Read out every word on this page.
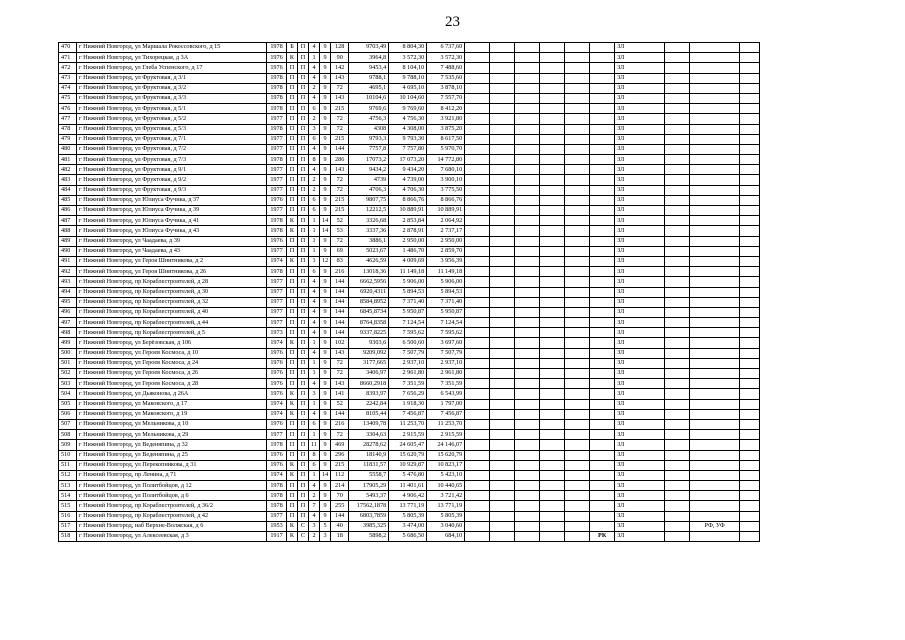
23
470	г Нижний Новгород, ул Маршала Рокоссовского, д 15	1978	Б	П	4	9	128	9703,49	8 804,30	6 737,60							ЗЛ			
471	г Нижний Новгород, ул Тихорецкая, д 3А	1976	К	П	1	9	90	3964,8	3 572,30	3 572,30							ЗЛ			
472	г Нижний Новгород, ул Глеба Успенского, д 17	1976	П	П	4	9	142	9453,4	8 104,10	7 488,60							ЗЛ			
473	г Нижний Новгород, ул Фруктовая, д 3/1	1978	П	П	4	9	143	9788,1	9 788,10	7 535,60							ЗЛ			
474	г Нижний Новгород, ул Фруктовая, д 3/2	1978	П	П	2	9	72	4695,1	4 695,10	3 878,10							ЗЛ			
475	г Нижний Новгород, ул Фруктовая, д 3/3	1978	П	П	4	9	143	10104,6	10 104,60	7 557,70							ЗЛ			
476	г Нижний Новгород, ул Фруктовая, д 5/1	1978	П	П	6	9	215	9769,6	9 769,60	8 412,20							ЗЛ			
477	г Нижний Новгород, ул Фруктовая, д 5/2	1977	П	П	2	9	72	4756,3	4 756,30	3 921,80							ЗЛ			
478	г Нижний Новгород, ул Фруктовая, д 5/3	1978	П	П	3	9	72	4308	4 308,00	3 875,20							ЗЛ			
479	г Нижний Новгород, ул Фруктовая, д 7/1	1977	П	П	6	9	215	9793,3	9 793,30	8 617,50							ЗЛ			
480	г Нижний Новгород, ул Фруктовая, д 7/2	1977	П	П	4	9	144	7757,8	7 757,80	5 970,70							ЗЛ			
481	г Нижний Новгород, ул Фруктовая, д 7/3	1978	П	П	8	9	286	17073,2	17 073,20	14 772,80							ЗЛ			
482	г Нижний Новгород, ул Фруктовая, д 9/1	1977	П	П	4	9	143	9434,2	9 434,20	7 680,10							ЗЛ			
483	г Нижний Новгород, ул Фруктовая, д 9/2	1977	П	П	2	9	72	4739	4 739,00	3 900,10							ЗЛ			
484	г Нижний Новгород, ул Фруктовая, д 9/3	1977	П	П	2	9	72	4706,3	4 706,30	3 775,50							ЗЛ			
485	г Нижний Новгород, ул Юлиуса Фучика, д 37	1976	П	П	6	9	215	9807,75	8 866,76	8 866,76							ЗЛ			
486	г Нижний Новгород, ул Юлиуса Фучика, д 39	1977	П	П	6	9	215	12212,5	10 889,91	10 889,91							ЗЛ			
487	г Нижний Новгород, ул Юлиуса Фучика, д 41	1978	К	П	1	14	52	3326,68	2 853,84	2 064,92							ЗЛ			
488	г Нижний Новгород, ул Юлиуса Фучика, д 43	1978	К	П	1	14	53	3337,36	2 878,91	2 737,17							ЗЛ			
489	г Нижний Новгород, ул Чаадаева, д 39	1976	П	П	1	9	72	3886,1	2 950,00	2 950,00							ЗЛ			
490	г Нижний Новгород, ул Чаадаева, д 43	1977	П	П	1	9	69	5023,67	1 486,70	2 859,70							ЗЛ			
491	г Нижний Новгород, ул Героя Шнитникова, д 2	1974	К	П	1	12	83	4626,59	4 009,69	3 956,39							ЗЛ			
492	г Нижний Новгород, ул Героя Шнитникова, д 26	1978	П	П	6	9	216	13018,36	11 149,18	11 149,18							ЗЛ			
493	г Нижний Новгород, пр Кораблестроителей, д 28	1977	П	П	4	9	144	6662,5956	5 906,00	5 906,00							ЗЛ			
494	г Нижний Новгород, пр Кораблестроителей, д 30	1977	П	П	4	9	144	6920,4311	5 894,53	5 894,53							ЗЛ			
495	г Нижний Новгород, пр Кораблестроителей, д 32	1977	П	П	4	9	144	8584,8952	7 371,40	7 371,40							ЗЛ			
496	г Нижний Новгород, пр Кораблестроителей, д 40	1977	П	П	4	9	144	6845,8734	5 950,87	5 950,87							ЗЛ			
497	г Нижний Новгород, пр Кораблестроителей, д 44	1977	П	П	4	9	144	8764,8358	7 124,54	7 124,54							ЗЛ			
498	г Нижний Новгород, пр Кораблестроителей, д 5	1973	П	П	4	9	144	9337,8225	7 595,62	7 595,62							ЗЛ			
499	г Нижний Новгород, ул Берёзовская, д 106	1974	К	П	1	9	102	9303,6	6 500,60	3 697,60							ЗЛ			
500	г Нижний Новгород, ул Героев Космоса, д 10	1976	П	П	4	9	143	9209,092	7 507,79	7 507,79							ЗЛ			
501	г Нижний Новгород, ул Героев Космоса, д 24	1976	П	П	1	9	72	3177,665	2 937,10	2 937,10							ЗЛ			
502	г Нижний Новгород, ул Героев Космоса, д 26	1976	П	П	1	9	72	3406,97	2 961,80	2 961,80							ЗЛ			
503	г Нижний Новгород, ул Героев Космоса, д 28	1976	П	П	4	9	143	8660,2918	7 351,59	7 351,59							ЗЛ			
504	г Нижний Новгород, ул Дьяконова, д 26А	1976	К	П	3	9	141	8393,97	7 656,29	6 543,99							ЗЛ			
505	г Нижний Новгород, ул Маковского, д 17	1974	К	П	1	9	52	2242,84	1 918,30	1 797,00							ЗЛ			
506	г Нижний Новгород, ул Маковского, д 19	1974	К	П	4	9	144	8105,44	7 456,87	7 456,87							ЗЛ			
507	г Нижний Новгород, ул Мельникова, д 10	1976	П	П	6	9	216	13409,78	11 253,70	11 253,70							ЗЛ			
508	г Нижний Новгород, ул Мельникова, д 29	1977	П	П	1	9	72	3304,63	2 915,59	2 915,59							ЗЛ			
509	г Нижний Новгород, ул Веденяпина, д 32	1978	П	П	11	9	469	28278,62	24 605,47	24 146,07							ЗЛ			
510	г Нижний Новгород, ул Веденяпина, д 25	1976	П	П	8	9	296	18140,9	15 620,79	15 620,79							ЗЛ			
511	г Нижний Новгород, ул Перекопникова, д 31	1976	К	П	6	9	215	11831,57	10 929,87	10 823,17							ЗЛ			
512	г Нижний Новгород, пр Ленина, д 71	1974	К	П	1	14	112	5558,7	5 476,80	5 423,10							ЗЛ			
513	г Нижний Новгород, ул Политбойцов, д 12	1978	П	П	4	9	214	17905,29	11 401,61	10 440,65							ЗЛ			
514	г Нижний Новгород, ул Политбойцов, д 6	1978	П	П	2	9	70	5493,37	4 906,42	3 721,42							ЗЛ			
515	г Нижний Новгород, пр Кораблестроителей, д 36/2	1978	П	П	7	9	255	17562,1878	13 771,19	13 771,19							ЗЛ			
516	г Нижний Новгород, пр Кораблестроителей, д 42	1977	П	П	4	9	144	6803,7859	5 805,39	5 805,39							ЗЛ			
517	г Нижний Новгород, наб Верхне-Волжская, д 6	1953	К	С	3	5	40	3985,325	3 474,00	3 040,60							ЗЛ		РФ, УФ	
518	г Нижний Новгород, ул Алексеевская, д 3	1917	К	С	2	3	18	5898,2	5 686,50	684,10						РК	ЗЛ			
